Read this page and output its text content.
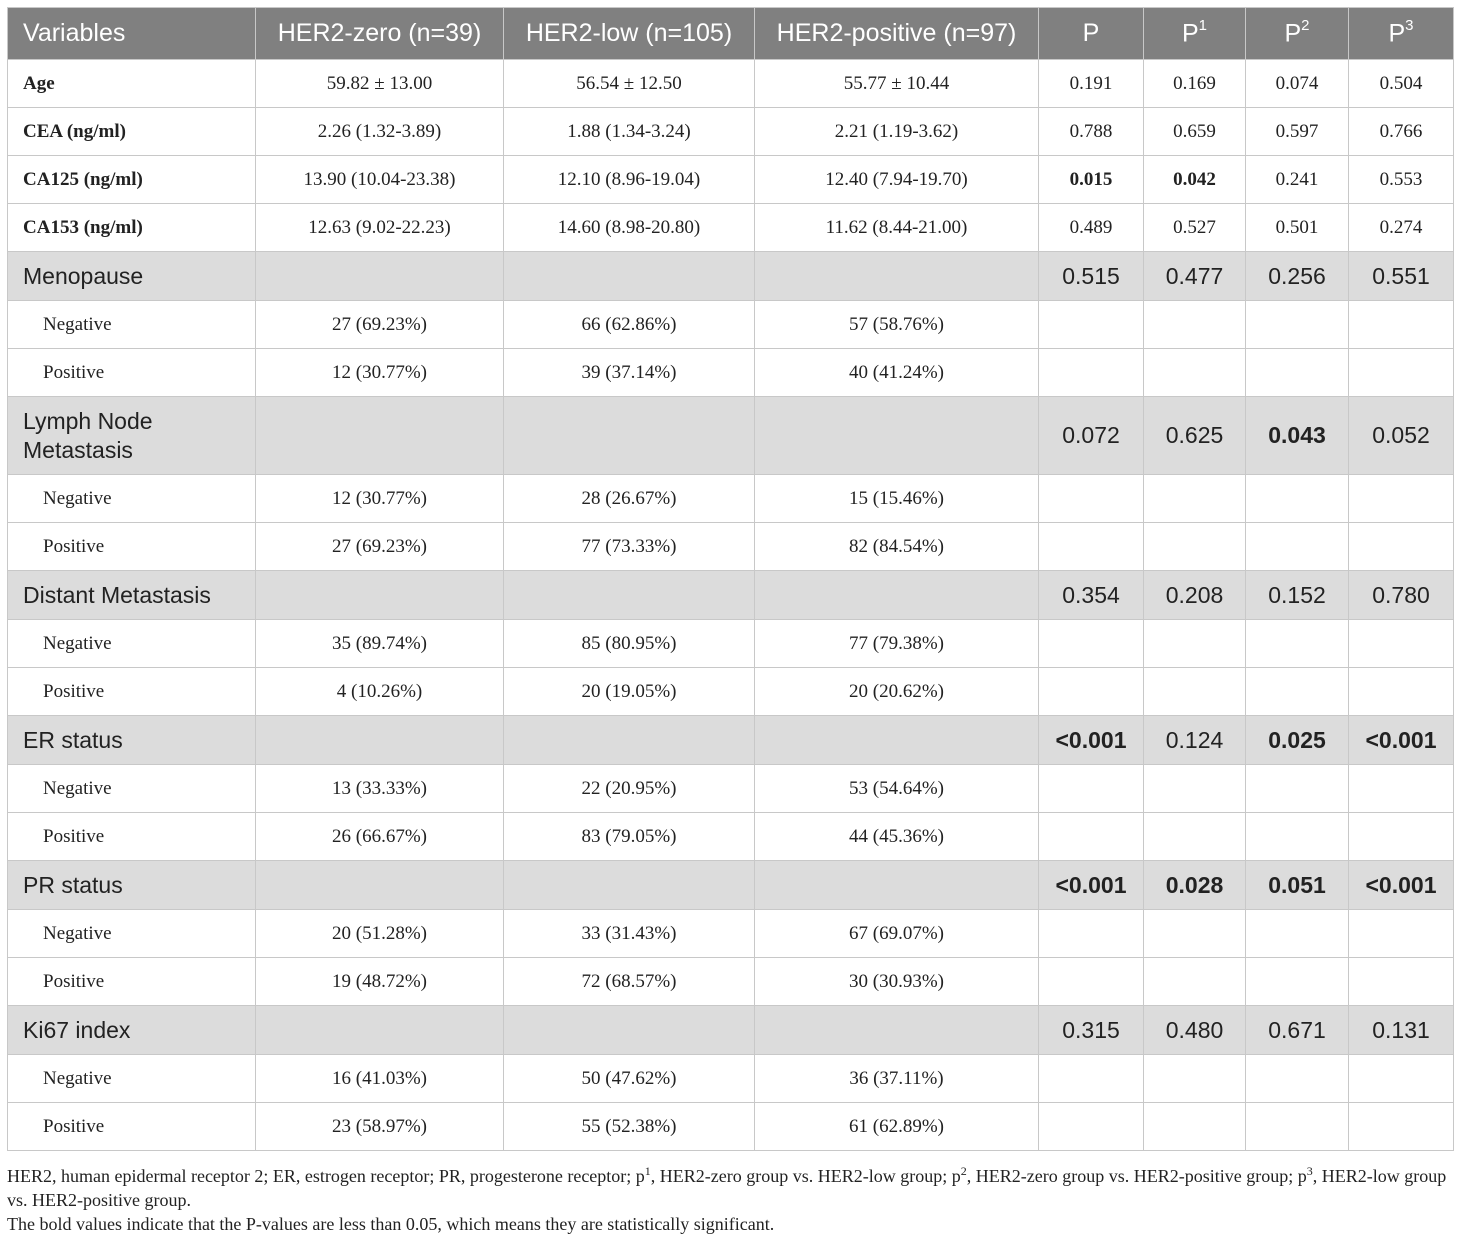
Variables	HER2-zero (n=39)	HER2-low (n=105)	HER2-positive (n=97)	P	$P^1$	$P^2$	$P^3$
Age	59.82 ± 13.00	56.54 ± 12.50	55.77 ± 10.44	0.191	0.169	0.074	0.504
CEA (ng/ml)	2.26 (1.32-3.89)	1.88 (1.34-3.24)	2.21 (1.19-3.62)	0.788	0.659	0.597	0.766
CA125 (ng/ml)	13.90 (10.04-23.38)	12.10 (8.96-19.04)	12.40 (7.94-19.70)	0.015	0.042	0.241	0.553
CA153 (ng/ml)	12.63 (9.02-22.23)	14.60 (8.98-20.80)	11.62 (8.44-21.00)	0.489	0.527	0.501	0.274
Menopause				0.515	0.477	0.256	0.551
Negative	27 (69.23%)	66 (62.86%)	57 (58.76%)				
Positive	12 (30.77%)	39 (37.14%)	40 (41.24%)				
Lymph Node
Metastasis				0.072	0.625	0.043	0.052
Negative	12 (30.77%)	28 (26.67%)	15 (15.46%)				
Positive	27 (69.23%)	77 (73.33%)	82 (84.54%)				
Distant Metastasis				0.354	0.208	0.152	0.780
Negative	35 (89.74%)	85 (80.95%)	77 (79.38%)				
Positive	4 (10.26%)	20 (19.05%)	20 (20.62%)				
ER status				<0.001	0.124	0.025	<0.001
Negative	13 (33.33%)	22 (20.95%)	53 (54.64%)				
Positive	26 (66.67%)	83 (79.05%)	44 (45.36%)				
PR status				<0.001	0.028	0.051	<0.001
Negative	20 (51.28%)	33 (31.43%)	67 (69.07%)				
Positive	19 (48.72%)	72 (68.57%)	30 (30.93%)				
Ki67 index				0.315	0.480	0.671	0.131
Negative	16 (41.03%)	50 (47.62%)	36 (37.11%)				
Positive	23 (58.97%)	55 (52.38%)	61 (62.89%)				
HER2, human epidermal receptor 2; ER, estrogen receptor; PR, progesterone receptor; $p^1$, HER2-zero group vs. HER2-low group; $p^2$, HER2-zero group vs. HER2-positive group; $p^3$, HER2-low group vs. HER2-positive group.
The bold values indicate that the P-values are less than 0.05, which means they are statistically significant.
